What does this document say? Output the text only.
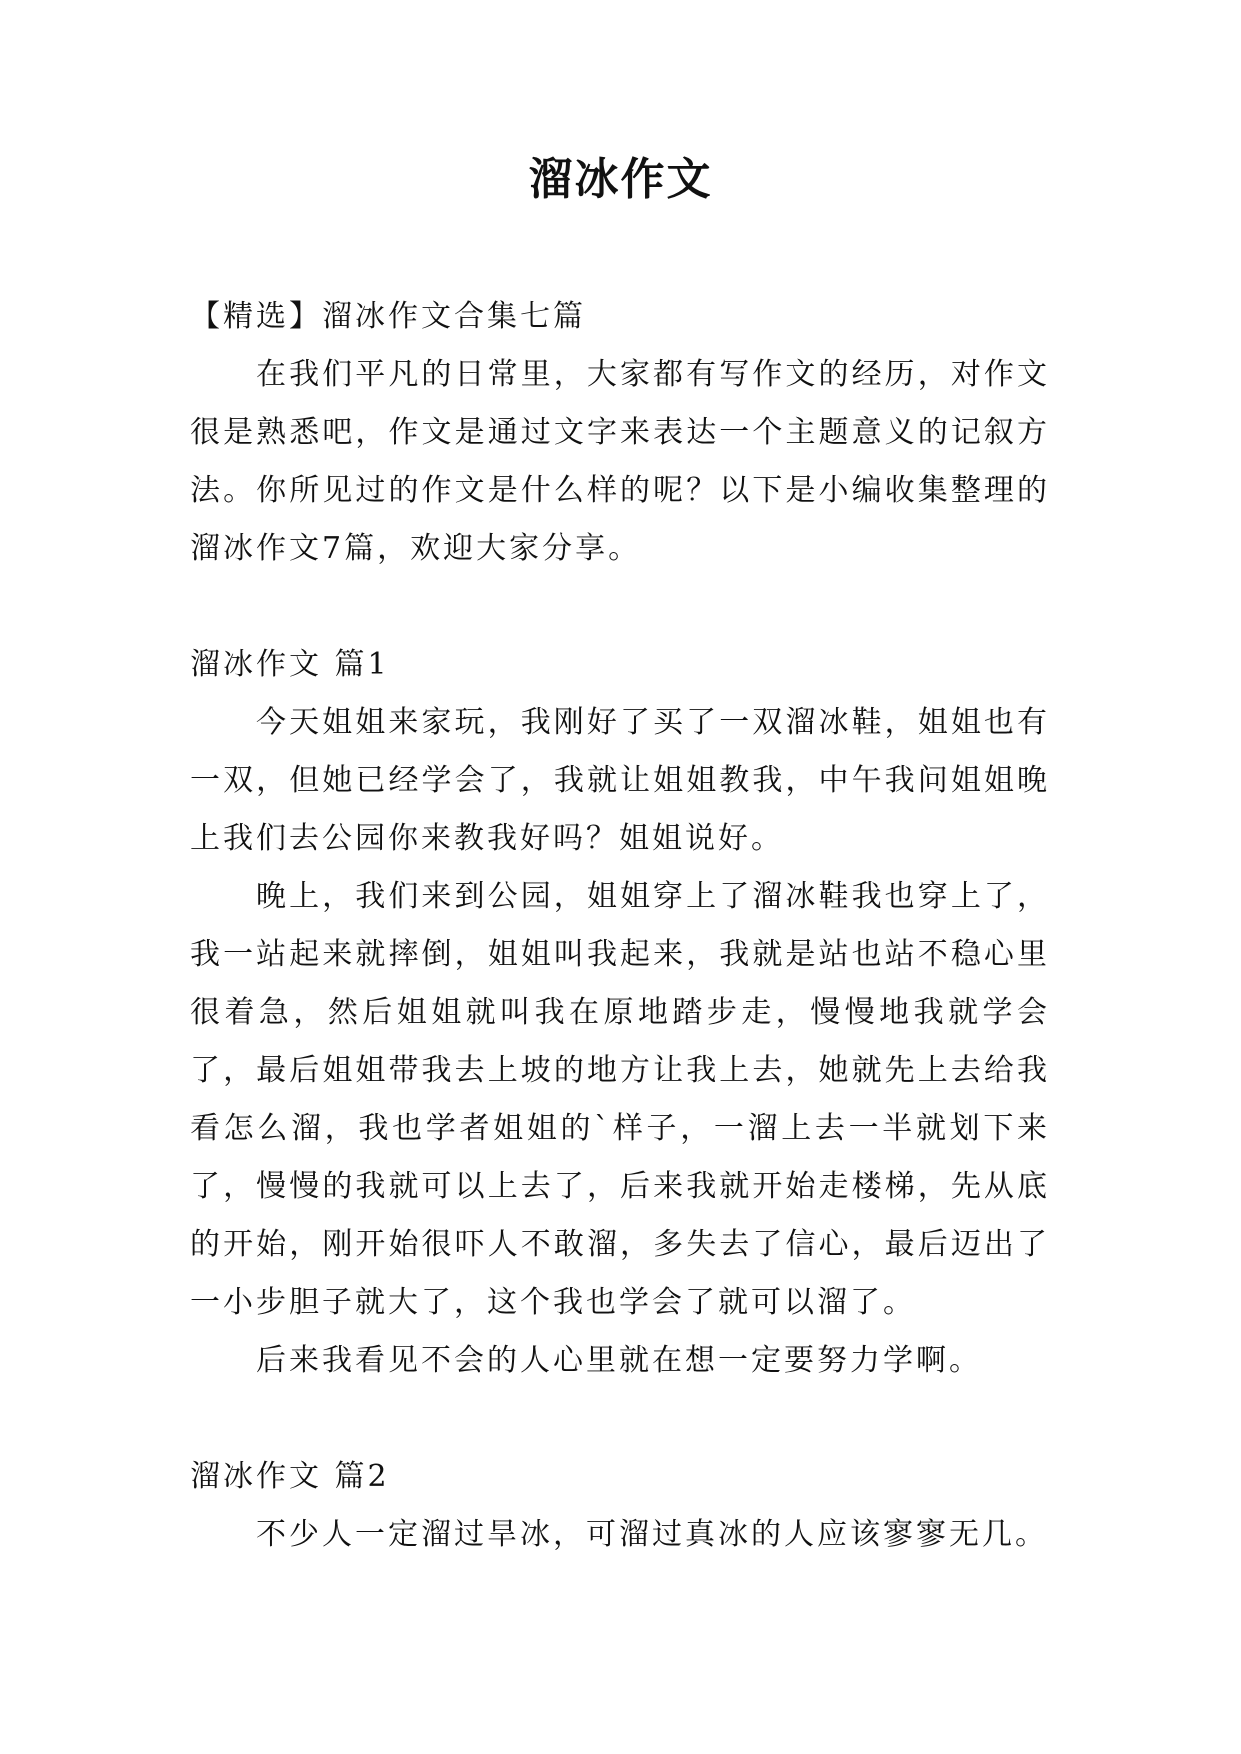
溜冰作文

【精选】溜冰作文合集七篇

在我们平凡的日常里，大家都有写作文的经历，对作文很是熟悉吧，作文是通过文字来表达一个主题意义的记叙方法。你所见过的作文是什么样的呢？以下是小编收集整理的溜冰作文7篇，欢迎大家分享。

溜冰作文 篇1

今天姐姐来家玩，我刚好了买了一双溜冰鞋，姐姐也有一双，但她已经学会了，我就让姐姐教我，中午我问姐姐晚上我们去公园你来教我好吗？姐姐说好。

晚上，我们来到公园，姐姐穿上了溜冰鞋我也穿上了，我一站起来就摔倒，姐姐叫我起来，我就是站也站不稳心里很着急，然后姐姐就叫我在原地踏步走，慢慢地我就学会了，最后姐姐带我去上坡的地方让我上去，她就先上去给我看怎么溜，我也学者姐姐的`样子，一溜上去一半就划下来了，慢慢的我就可以上去了，后来我就开始走楼梯，先从底的开始，刚开始很吓人不敢溜，多失去了信心，最后迈出了一小步胆子就大了，这个我也学会了就可以溜了。

后来我看见不会的人心里就在想一定要努力学啊。

溜冰作文 篇2

不少人一定溜过旱冰，可溜过真冰的人应该寥寥无几。
